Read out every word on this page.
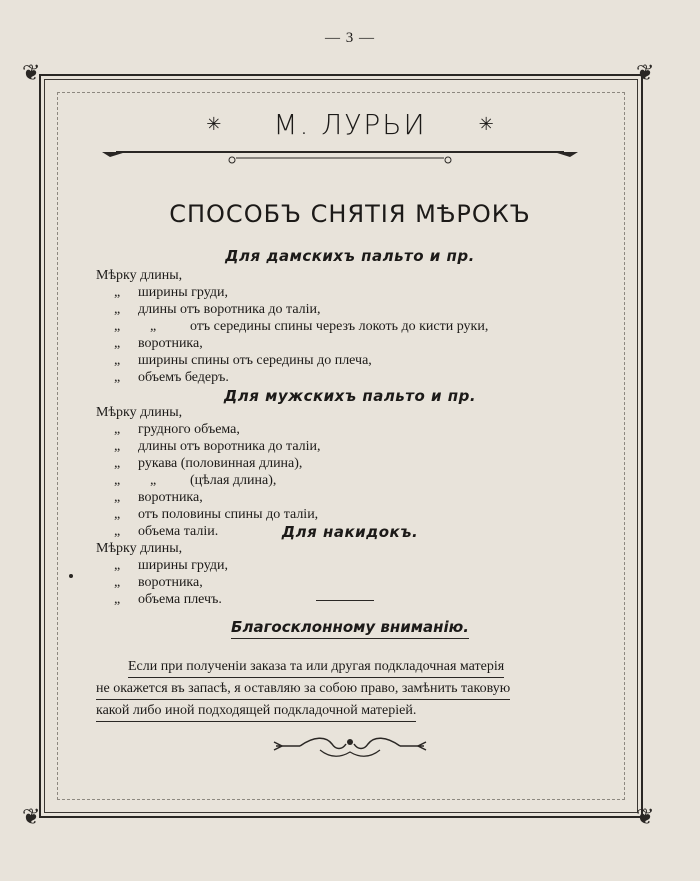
— 3 —
❦	❦
❦	❦
✳ М. ЛУРЬИ	✳
СПОСОБЪ СНЯТІЯ МѢРОКЪ
Для дамскихъ пальто и пр.
Мѣрку длины,
„ ширины груди,
„ длины отъ воротника до таліи,
„ „ отъ середины спины черезъ локоть до кисти руки,
„ воротника,
„ ширины спины отъ середины до плеча,
„ объемъ бедеръ.
Для мужскихъ пальто и пр.
Мѣрку длины,
„ грудного объема,
„ длины отъ воротника до таліи,
„ рукава (половинная длина),
„ „ (цѣлая длина),
„ воротника,
„ отъ половины спины до таліи,
„ объема таліи.	Для накидокъ.
Мѣрку длины,
„ ширины груди,
„ воротника,
„ объема плечъ.
Благосклонному вниманію.
Если при полученіи заказа та или другая подкладочная матерія
не окажется въ запасѣ, я оставляю за собою право, замѣнить таковую
какой либо иной подходящей подкладочной матеріей.
